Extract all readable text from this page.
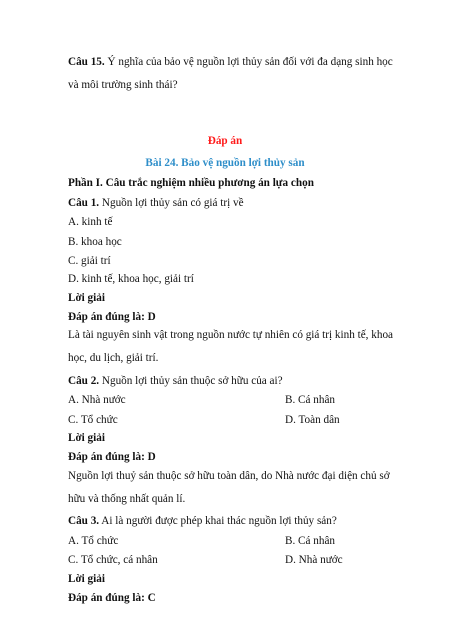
Câu 15. Ý nghĩa của bảo vệ nguồn lợi thủy sản đối với đa dạng sinh học
và môi trường sinh thái?
Đáp án
Bài 24. Bảo vệ nguồn lợi thủy sản
Phần I. Câu trắc nghiệm nhiều phương án lựa chọn
Câu 1. Nguồn lợi thủy sản có giá trị về
A. kinh tế
B. khoa học
C. giải trí
D. kinh tế, khoa học, giải trí
Lời giải
Đáp án đúng là: D
Là tài nguyên sinh vật trong nguồn nước tự nhiên có giá trị kinh tế, khoa
học, du lịch, giải trí.
Câu 2. Nguồn lợi thủy sản thuộc sở hữu của ai?
A. Nhà nước	B. Cá nhân
C. Tổ chức	D. Toàn dân
Lời giải
Đáp án đúng là: D
Nguồn lợi thuỷ sản thuộc sở hữu toàn dân, do Nhà nước đại diện chủ sở
hữu và thống nhất quản lí.
Câu 3. Ai là người được phép khai thác nguồn lợi thủy sản?
A. Tổ chức	B. Cá nhân
C. Tổ chức, cá nhân	D. Nhà nước
Lời giải
Đáp án đúng là: C
